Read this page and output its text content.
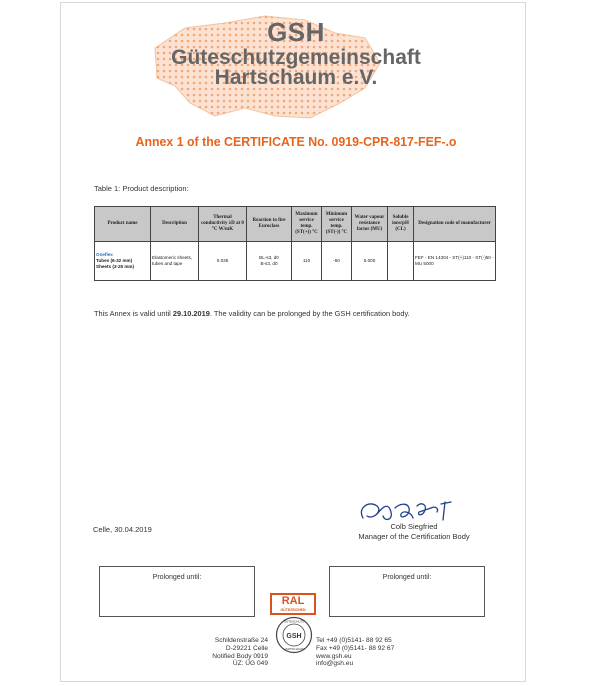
GSH
Güteschutzgemeinschaft
Hartschaum e.V.
Annex 1 of the CERTIFICATE No. 0919-CPR-817-FEF-.o
Table 1: Product description:
Product name	Description	Thermal conductivity λD at 0 °C W/mK	Reaction to fire Euroclass	Maximum service temp. (ST(+)) °C	Minimum service temp. (ST(-)) °C	Water vapour resistance factor (MU)	Soluble ions/pH (CL)	Designation code of manufacturer

Oneflex
Tubes (6-32 mm)
Sheets (3-25 mm)	Elastomeric sheets, tubes and tape	0.035	BL-s3, d0
B-s3, d0	110	-50	5.000		FEF - EN 14304 - ST(+)110 - ST(-)50 - MU 5000
This Annex is valid until 29.10.2019. The validity can be prolonged by the GSH certification body.
Celle, 30.04.2019	Colb Siegfried
Manager of the Certification Body
Prolonged until:	Prolonged until:
RAL
GÜTEZEICHEN
GSH
GÜTESCHUTZ
HARTSCHAUM
Schildenstraße 24
D-29221 Celle
Notified Body 0919
ÜZ: ÜG 049
Tel +49 (0)5141- 88 92 65
Fax +49 (0)5141- 88 92 67
www.gsh.eu
info@gsh.eu
